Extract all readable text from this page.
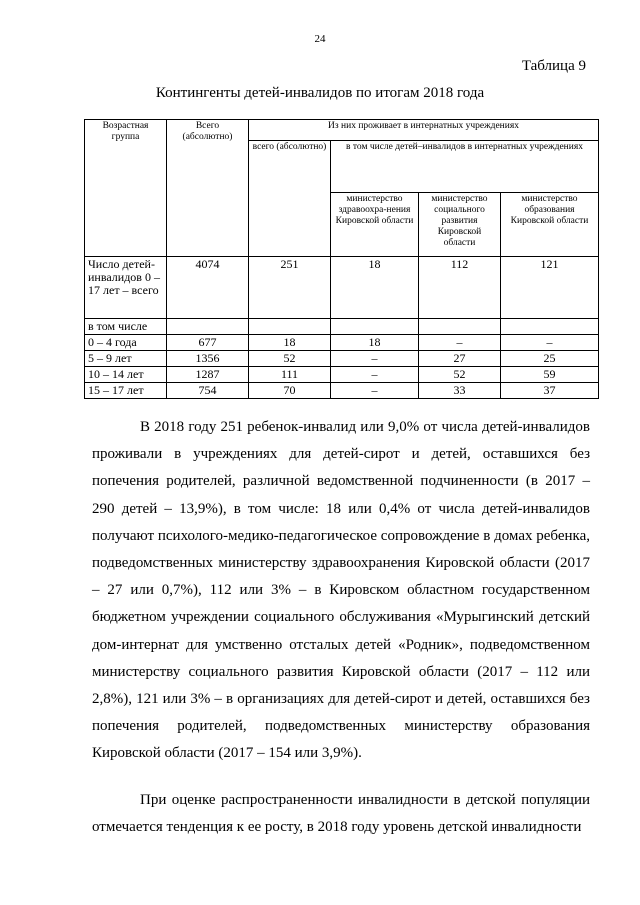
24
Таблица 9
Контингенты детей-инвалидов по итогам 2018 года
Возрастная группа	Всего (абсолютно)	Из них проживает в интернатных учреждениях			
		всего (абсолютно)	в том числе детей–инвалидов в интернатных учреждениях		
			министерство здравоохра-нения Кировской области	министерство социального развития Кировской области	министерство образования Кировской области
Число детей-инвалидов 0 – 17 лет – всего	4074	251	18	112	121
в том числе					
0 – 4 года	677	18	18	–	–
5 – 9 лет	1356	52	–	27	25
10 – 14 лет	1287	111	–	52	59
15 – 17 лет	754	70	–	33	37

В 2018 году 251 ребенок-инвалид или 9,0% от числа детей-инвалидов проживали в учреждениях для детей-сирот и детей, оставшихся без попечения родителей, различной ведомственной подчиненности (в 2017 – 290 детей – 13,9%), в том числе: 18 или 0,4% от числа детей-инвалидов получают психолого-медико-педагогическое сопровождение в домах ребенка, подведомственных министерству здравоохранения Кировской области (2017 – 27 или 0,7%), 112 или 3% – в Кировском областном государственном бюджетном учреждении социального обслуживания «Мурыгинский детский дом-интернат для умственно отсталых детей «Родник», подведомственном министерству социального развития Кировской области (2017 – 112 или 2,8%), 121 или 3% – в организациях для детей-сирот и детей, оставшихся без попечения родителей, подведомственных министерству образования Кировской области (2017 – 154 или 3,9%).

При оценке распространенности инвалидности в детской популяции отмечается тенденция к ее росту, в 2018 году уровень детской инвалидности
